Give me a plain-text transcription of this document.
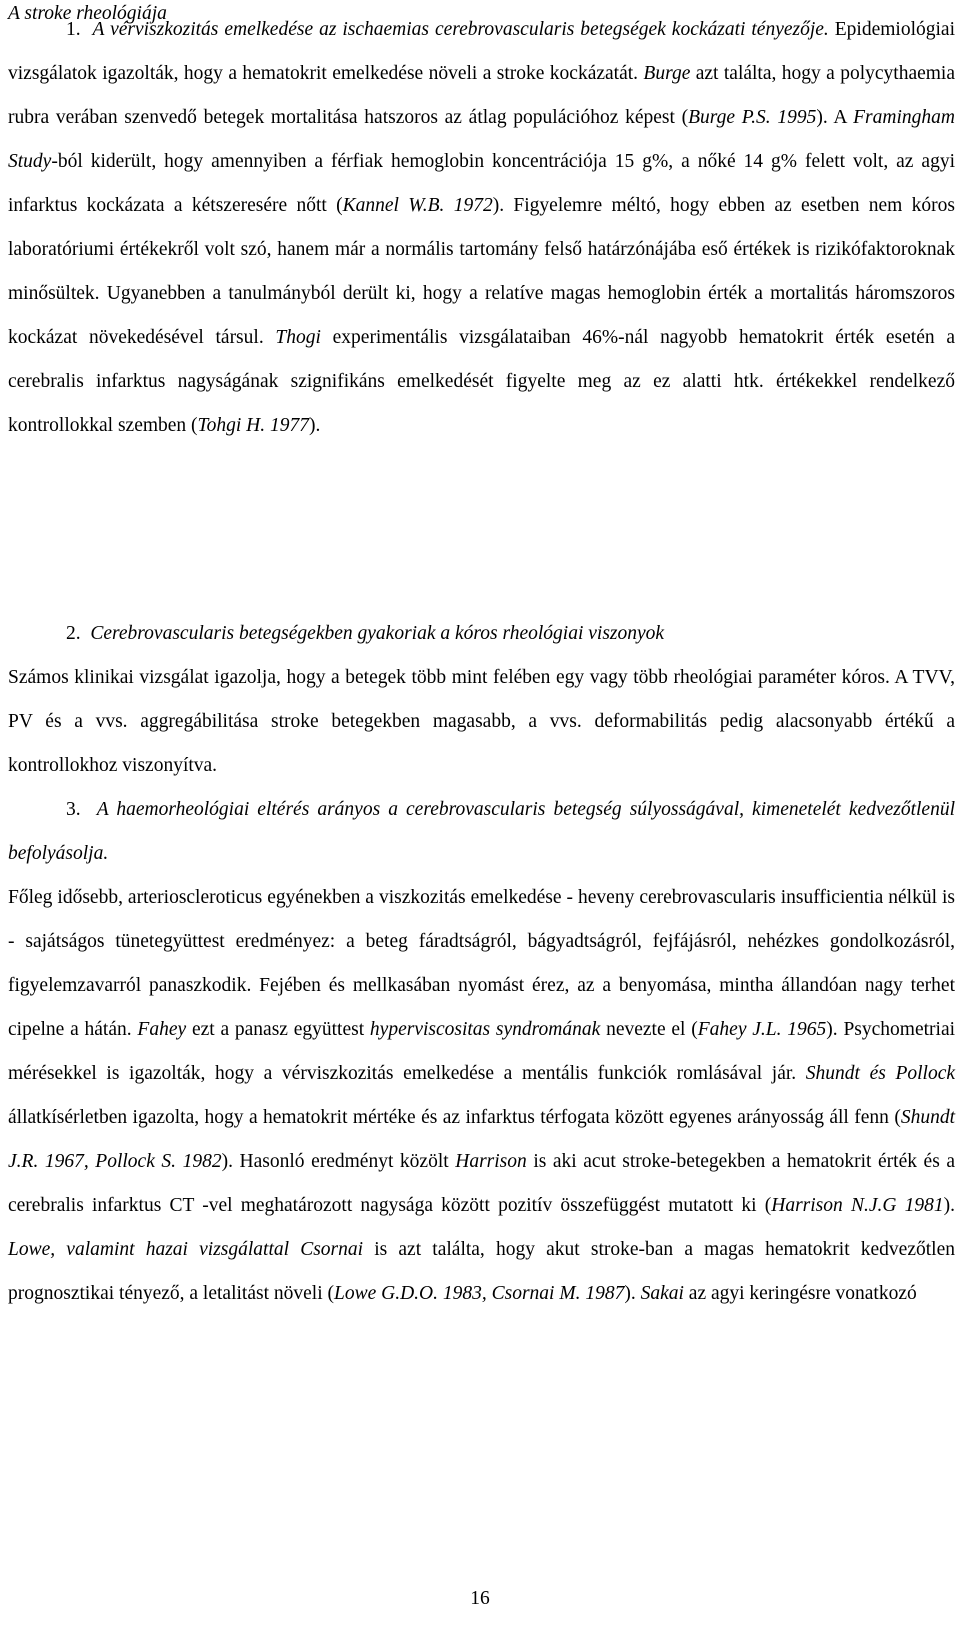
A stroke rheológiája

1. A vérviszkozitás emelkedése az ischaemias cerebrovascularis betegségek kockázati tényezője. Epidemiológiai vizsgálatok igazolták, hogy a hematokrit emelkedése növeli a stroke kockázatát. Burge azt találta, hogy a polycythaemia rubra verában szenvedő betegek mortalitása hatszoros az átlag populációhoz képest (Burge P.S. 1995). A Framingham Study-ból kiderült, hogy amennyiben a férfiak hemoglobin koncentrációja 15 g%, a nőké 14 g% felett volt, az agyi infarktus kockázata a kétszeresére nőtt (Kannel W.B. 1972). Figyelemre méltó, hogy ebben az esetben nem kóros laboratóriumi értékekről volt szó, hanem már a normális tartomány felső határzónájába eső értékek is rizikófaktoroknak minősültek. Ugyanebben a tanulmányból derült ki, hogy a relatíve magas hemoglobin érték a mortalitás háromszoros kockázat növekedésével társul. Thogi experimentális vizsgálataiban 46%-nál nagyobb hematokrit érték esetén a cerebralis infarktus nagyságának szignifikáns emelkedését figyelte meg az ez alatti htk. értékekkel rendelkező kontrollokkal szemben (Tohgi H. 1977).

2. Cerebrovascularis betegségekben gyakoriak a kóros rheológiai viszonyok

Számos klinikai vizsgálat igazolja, hogy a betegek több mint felében egy vagy több rheológiai paraméter kóros. A TVV, PV és a vvs. aggregábilitása stroke betegekben magasabb, a vvs. deformabilitás pedig alacsonyabb értékű a kontrollokhoz viszonyítva.

3. A haemorheológiai eltérés arányos a cerebrovascularis betegség súlyosságával, kimenetelét kedvezőtlenül befolyásolja.

Főleg idősebb, arterioscleroticus egyénekben a viszkozitás emelkedése - heveny cerebrovascularis insufficientia nélkül is - sajátságos tünetegyüttest eredményez: a beteg fáradtságról, bágyadtságról, fejfájásról, nehézkes gondolkozásról, figyelemzavarról panaszkodik. Fejében és mellkasában nyomást érez, az a benyomása, mintha állandóan nagy terhet cipelne a hátán. Fahey ezt a panasz együttest hyperviscositas syndromának nevezte el (Fahey J.L. 1965). Psychometriai mérésekkel is igazolták, hogy a vérviszkozitás emelkedése a mentális funkciók romlásával jár. Shundt és Pollock állatkísérletben igazolta, hogy a hematokrit mértéke és az infarktus térfogata között egyenes arányosság áll fenn (Shundt J.R. 1967, Pollock S. 1982). Hasonló eredményt közölt Harrison is aki acut stroke-betegekben a hematokrit érték és a cerebralis infarktus CT -vel meghatározott nagysága között pozitív összefüggést mutatott ki (Harrison N.J.G 1981). Lowe, valamint hazai vizsgálattal Csornai is azt találta, hogy akut stroke-ban a magas hematokrit kedvezőtlen prognosztikai tényező, a letalitást növeli (Lowe G.D.O. 1983, Csornai M. 1987). Sakai az agyi keringésre vonatkozó

16
